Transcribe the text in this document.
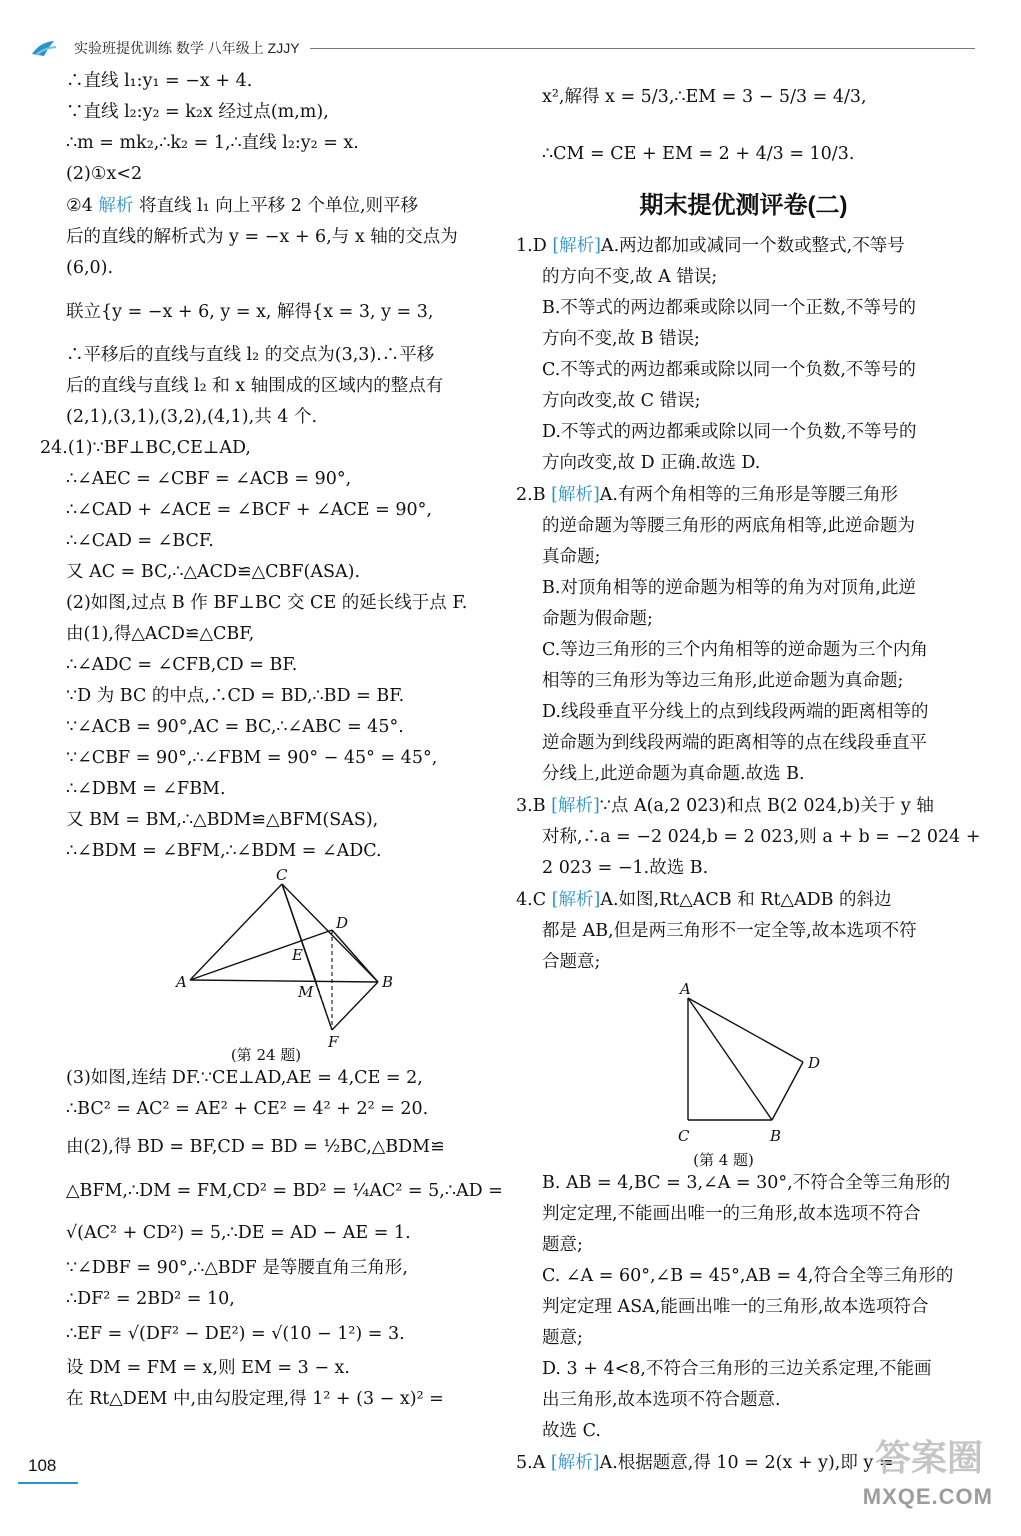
实验班提优训练 数学 八年级上 ZJJY
∴直线 l₁:y₁ = −x + 4.
∵直线 l₂:y₂ = k₂x 经过点(m,m),
∴m = mk₂,∴k₂ = 1,∴直线 l₂:y₂ = x.
(2)①x<2
②4 解析 将直线 l₁ 向上平移 2 个单位,则平移
后的直线的解析式为 y = −x + 6,与 x 轴的交点为
(6,0).
联立{y = −x + 6, y = x, 解得{x = 3, y = 3,
∴平移后的直线与直线 l₂ 的交点为(3,3).∴平移
后的直线与直线 l₂ 和 x 轴围成的区域内的整点有
(2,1),(3,1),(3,2),(4,1),共 4 个.
24.(1)∵BF⊥BC,CE⊥AD,
∴∠AEC = ∠CBF = ∠ACB = 90°,
∴∠CAD + ∠ACE = ∠BCF + ∠ACE = 90°,
∴∠CAD = ∠BCF.
又 AC = BC,∴△ACD≌△CBF(ASA).
(2)如图,过点 B 作 BF⊥BC 交 CE 的延长线于点 F.
由(1),得△ACD≌△CBF,
∴∠ADC = ∠CFB,CD = BF.
∵D 为 BC 的中点,∴CD = BD,∴BD = BF.
∵∠ACB = 90°,AC = BC,∴∠ABC = 45°.
∵∠CBF = 90°,∴∠FBM = 90° − 45° = 45°,
∴∠DBM = ∠FBM.
又 BM = BM,∴△BDM≌△BFM(SAS),
∴∠BDM = ∠BFM,∴∠BDM = ∠ADC.
C
D
E
A
M
B
F
(第 24 题)
(3)如图,连结 DF.∵CE⊥AD,AE = 4,CE = 2,
∴BC² = AC² = AE² + CE² = 4² + 2² = 20.
由(2),得 BD = BF,CD = BD = ½BC,△BDM≌
△BFM,∴DM = FM,CD² = BD² = ¼AC² = 5,∴AD =
√(AC² + CD²) = 5,∴DE = AD − AE = 1.
∵∠DBF = 90°,∴△BDF 是等腰直角三角形,
∴DF² = 2BD² = 10,
∴EF = √(DF² − DE²) = √(10 − 1²) = 3.
设 DM = FM = x,则 EM = 3 − x.
在 Rt△DEM 中,由勾股定理,得 1² + (3 − x)² =
x²,解得 x = 5/3,∴EM = 3 − 5/3 = 4/3,
∴CM = CE + EM = 2 + 4/3 = 10/3.
期末提优测评卷(二)
1.D [解析]A.两边都加或减同一个数或整式,不等号
的方向不变,故 A 错误;
B.不等式的两边都乘或除以同一个正数,不等号的
方向不变,故 B 错误;
C.不等式的两边都乘或除以同一个负数,不等号的
方向改变,故 C 错误;
D.不等式的两边都乘或除以同一个负数,不等号的
方向改变,故 D 正确.故选 D.
2.B [解析]A.有两个角相等的三角形是等腰三角形
的逆命题为等腰三角形的两底角相等,此逆命题为
真命题;
B.对顶角相等的逆命题为相等的角为对顶角,此逆
命题为假命题;
C.等边三角形的三个内角相等的逆命题为三个内角
相等的三角形为等边三角形,此逆命题为真命题;
D.线段垂直平分线上的点到线段两端的距离相等的
逆命题为到线段两端的距离相等的点在线段垂直平
分线上,此逆命题为真命题.故选 B.
3.B [解析]∵点 A(a,2 023)和点 B(2 024,b)关于 y 轴
对称,∴a = −2 024,b = 2 023,则 a + b = −2 024 +
2 023 = −1.故选 B.
4.C [解析]A.如图,Rt△ACB 和 Rt△ADB 的斜边
都是 AB,但是两三角形不一定全等,故本选项不符
合题意;
A
C	B
D
(第 4 题)
B. AB = 4,BC = 3,∠A = 30°,不符合全等三角形的
判定定理,不能画出唯一的三角形,故本选项不符合
题意;
C. ∠A = 60°,∠B = 45°,AB = 4,符合全等三角形的
判定定理 ASA,能画出唯一的三角形,故本选项符合
题意;
D. 3 + 4<8,不符合三角形的三边关系定理,不能画
出三角形,故本选项不符合题意.
故选 C.
5.A [解析]A.根据题意,得 10 = 2(x + y),即 y =
108	答案圈
MXQE.COM
